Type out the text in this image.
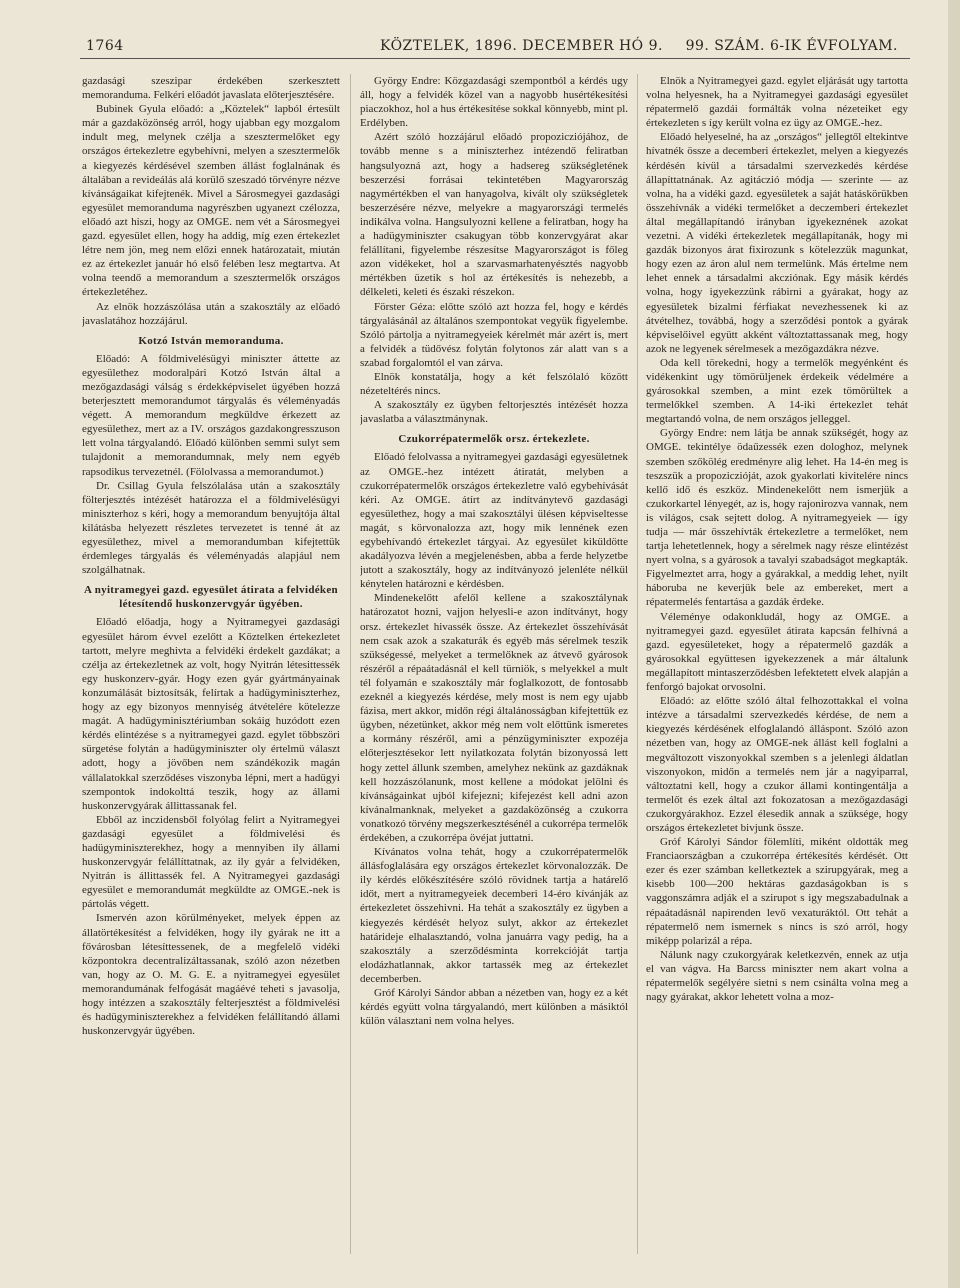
1764	KÖZTELEK, 1896. DECEMBER HÓ 9. 99. SZÁM. 6-IK ÉVFOLYAM.

gazdasági szeszipar érdekében szerkesztett memoranduma. Felkéri előadót javaslata előterjesztésére.

Bubinek Gyula előadó: a „Köztelek“ lapból értesült már a gazdaközönség arról, hogy ujabban egy mozgalom indult meg, melynek czélja a szesztermelőket egy országos értekezletre egybehívni, melyen a szesztermelők a kiegyezés kérdésével szemben állást foglalnának és általában a revideálás alá korülő szeszadó törvényre nézve kívánságaikat kifejtenék. Mivel a Sárosmegyei gazdasági egyesület memoranduma nagyrészben ugyanezt czélozza, előadó azt hiszi, hogy az OMGE. nem vét a Sárosmegyei gazd. egyesület ellen, hogy ha addig, míg ezen értekezlet létre nem jön, meg nem előzi ennek határozatait, miután ez az értekezlet január hó első felében lesz megtartva. At volna teendő a memorandum a szesztermelők országos értekezletéhez.

Az elnök hozzászólása után a szakosztály az előadó javaslatához hozzájárul.

Kotzó István memoranduma.

Előadó: A földmivelésügyi miniszter áttette az egyesülethez modoralpári Kotzó István által a mezőgazdasági válság s érdekképviselet ügyében hozzá beterjesztett memorandumot tárgyalás és véleményadás végett. A memorandum megküldve érkezett az egyesülethez, mert az a IV. országos gazdakongresszuson lett volna tárgyalandó. Előadó különben semmi sulyt sem tulajdonit a memorandumnak, mely nem egyéb rapsodikus tervezetnél. (Fölolvassa a memorandumot.)

Dr. Csillag Gyula felszólalása után a szakosztály fölterjesztés intézését határozza el a földmivelésügyi miniszterhoz s kéri, hogy a memorandum benyujtója által kilátásba helyezett részletes tervezetet is tenné át az egyesülethez, mivel a memorandumban kifejtettük érdemleges tárgyalás és véleményadás alapjául nem szolgálhatnak.

A nyitramegyei gazd. egyesület átirata a felvidéken létesítendő huskonzervgyár ügyében.

Előadó előadja, hogy a Nyitramegyei gazdasági egyesület három évvel ezelőtt a Köztelken értekezletet tartott, melyre meghivta a felvidéki érdekelt gazdákat; a czélja az értekezletnek az volt, hogy Nyitrán létesittessék egy huskonzerv-gyár. Hogy ezen gyár gyártmányainak konzumálását biztosítsák, felírtak a hadügyminiszterhez, hogy az egy bizonyos mennyiség átvételére kötelezze magát. A hadügyminisztériumban sokáig huzódott ezen kérdés elintézése s a nyitramegyei gazd. egylet többszöri sürgetése folytán a hadügyminiszter oly értelmü választ adott, hogy a jövőben nem szándékozik magán vállalatokkal szerződéses viszonyba lépni, mert a hadügyi szempontok indokolttá teszik, hogy az állami huskonzervgyárak állittassanak fel.

Ebből az inczidensből folyólag felirt a Nyitramegyei gazdasági egyesület a földmivelési és hadügyminiszterekhez, hogy a mennyiben ily állami huskonzervgyár felállíttatnak, az ily gyár a felvidéken, Nyitrán is állittassék fel. A Nyitramegyei gazdasági egyesület e memorandumát megküldte az OMGE.-nek is pártolás végett.

Ismervén azon körülményeket, melyek éppen az állatörtékesítést a felvidéken, hogy ily gyárak ne itt a fővárosban létesíttessenek, de a megfelelő vidéki központokra decentralizáltassanak, szóló azon nézetben van, hogy az O. M. G. E. a nyitramegyei egyesület memorandumának felfogását magáévé teheti s javasolja, hogy intézzen a szakosztály felterjesztést a földmivelési és hadügyminiszterekhez a felvidéken felállítandó állami huskonzervgyár ügyében.

György Endre: Közgazdasági szempontból a kérdés ugy áll, hogy a felvidék közel van a nagyobb husértékesítési piaczokhoz, hol a hus értékesítése sokkal könnyebb, mint pl. Erdélyben.

Azért szóló hozzájárul előadó propozicziójához, de tovább menne s a miniszterhez intézendő feliratban hangsulyozná azt, hogy a hadsereg szükségletének beszerzési forrásai tekintetében Magyarország nagymértékben el van hanyagolva, kivált oly szükségletek beszerzésére nézve, melyekre a magyarországi termelés indikálva volna. Hangsulyozni kellene a feliratban, hogy ha a hadügyminiszter csakugyan több konzervgyárat akar felállítani, figyelembe részesítse Magyarországot is főleg azon vidékeket, hol a szarvasmarhatenyésztés nagyobb mértékben üzetik s hol az értékesítés is nehezebb, a délkeleti, keleti és északi részekon.

Förster Géza: előtte szóló azt hozza fel, hogy e kérdés tárgyalásánál az általános szempontokat vegyük figyelembe. Szóló pártolja a nyitramegyeiek kérelmét már azért is, mert a felvidék a tüdővész folytán folytonos zár alatt van s a szabad forgalomtól el van zárva.

Elnök konstatálja, hogy a két felszólaló között nézeteltérés nincs.

A szakosztály ez ügyben feltorjesztés intézését hozza javaslatba a választmánynak.

Czukorrépatermelők orsz. értekezlete.

Előadó felolvassa a nyitramegyei gazdasági egyesületnek az OMGE.-hez intézett átiratát, melyben a czukorrépatermelők országos értekezletre való egybehívását kéri. Az OMGE. átírt az indítványtevő gazdasági egyesülethez, hogy a mai szakosztályi ülésen képviseltesse magát, s körvonalozza azt, hogy mik lennének ezen egybehívandó értekezlet tárgyai. Az egyesület kiküldötte akadályozva lévén a megjelenésben, abba a ferde helyzetbe jutott a szakosztály, hogy az indítványozó jelenléte nélkül kénytelen határozni e kérdésben.

Mindenekelőtt afelől kellene a szakosztálynak határozatot hozni, vajjon helyesli-e azon indítványt, hogy orsz. értekezlet hivassék össze. Az értekezlet összehívását nem csak azok a szakaturák és egyéb más sérelmek teszik szükségessé, melyeket a termelőknek az átvevő gyárosok részéről a répaátadásnál el kell türniök, s melyekkel a mult tél folyamán e szakosztály már foglalkozott, de fontosabb ezeknél a kiegyezés kérdése, mely most is nem egy ujabb fázisa, mert akkor, midőn régi általánosságban kifejtettük ez ügyben, nézetünket, akkor még nem volt előttünk ismeretes a kormány részéről, ami a pénzügyminiszter expozéja előterjesztésekor lett nyilatkozata folytán bizonyossá lett hogy zettel állunk szemben, amelyhez nekünk az gazdáknak kell hozzászólanunk, most kellene a módokat jelölni és kívánságainkat ujból kifejezni; kifejezést kell adni azon kívánalmanknak, melyeket a gazdaközönség a czukorra vonatkozó törvény megszerkesztésénél a cukorrépa termelők érdekében, a czukorrépa övéjat juttatni.

Kívánatos volna tehát, hogy a czukorrépatermelők állásfoglalására egy országos értekezlet körvonalozzák. De ily kérdés előkészítésére szóló rövidnek tartja a határelő időt, mert a nyitramegyeiek decemberi 14-éro kívánják az értekezletet összehivni. Ha tehát a szakosztály ez ügyben a kiegyezés kérdését helyoz sulyt, akkor az értekezlet határideje elhalasztandó, volna januárra vagy pedig, ha a szakosztály a szerződésminta korrekcióját tartja elodázhatlannak, akkor tartassék meg az értekezlet decemberben.

Gróf Károlyi Sándor abban a nézetben van, hogy ez a két kérdés együtt volna tárgyalandó, mert különben a másiktól külön választani nem volna helyes.

Elnök a Nyitramegyei gazd. egylet eljárását ugy tartotta volna helyesnek, ha a Nyitramegyei gazdasági egyesület répatermelő gazdái formálták volna nézeteiket egy értekezleten s így került volna ez ügy az OMGE.-hez.

Előadó helyeselné, ha az „országos“ jellegtől eltekintve hívatnék össze a decemberi értekezlet, melyen a kiegyezés kérdésén kívül a társadalmi szervezkedés kérdése állapíttatnának. Az agitáczió módja — szerinte — az volna, ha a vidéki gazd. egyesületek a saját hatáskörükben összehívnák a vidéki termelőket a deczemberi értekezlet által megállapítandó irányban igyekeznének azokat vezetni. A vidéki értekezletek megállapítanák, hogy mi gazdák bizonyos árat fixirozunk s kötelezzük magunkat, hogy ezen az áron alul nem termelünk. Más értelme nem lehet ennek a társadalmi akcziónak. Egy másik kérdés volna, hogy igyekezzünk rábirni a gyárakat, hogy az egyesületek bizalmi férfiakat nevezhessenek ki az átvételhez, továbbá, hogy a szerződési pontok a gyárak képviselőivel együtt akként változtattassanak meg, hogy azok ne legyenek sérelmesek a mezőgazdákra nézve.

Oda kell törekedni, hogy a termelők megyénként és vidékenkint ugy tömörüljenek érdekeik védelmére a gyárosokkal szemben, a mint ezek tömörültek a termelőkkel szemben. A 14-iki értekezlet tehát megtartandó volna, de nem országos jelleggel.

György Endre: nem látja be annak szükségét, hogy az OMGE. tekintélye ödaűzessék ezen dologhoz, melynek szemben szőkölég eredményre alig lehet. Ha 14-én meg is teszszük a propoziczióját, azok gyakorlati kivitelére nincs kellő idő és eszköz. Mindenekelőtt nem ismerjük a czukorkartel lényegét, az is, hogy rajonirozva vannak, nem is világos, csak sejtett dolog. A nyitramegyeiek — így tudja — már összehívták értekezletre a termelőket, nem tartja lehetetlennek, hogy a sérelmek nagy része elintézést nyert volna, s a gyárosok a tavalyi szabadságot megkapták. Figyelmeztet arra, hogy a gyárakkal, a meddig lehet, nyilt háboruba ne keverjük bele az embereket, mert a répatermelés fentartása a gazdák érdeke.

Véleménye odakonkludál, hogy az OMGE. a nyitramegyei gazd. egyesület átirata kapcsán felhívná a gazd. egyesületeket, hogy a répatermelő gazdák a gyárosokkal együttesen igyekezzenek a már általunk megállapított mintaszerződésben lefektetett elvek alapján a fenforgó bajokat orvosolni.

Előadó: az előtte szóló által felhozottakkal el volna intézve a társadalmi szervezkedés kérdése, de nem a kiegyezés kérdésének elfoglalandó álláspont. Szóló azon nézetben van, hogy az OMGE-nek állást kell foglalni a megváltozott viszonyokkal szemben s a jelenlegi áldatlan viszonyokon, midőn a termelés nem jár a nagyiparral, változtatni kell, hogy a czukor állami kontingentálja a termelőt és ezek által azt fokozatosan a mezőgazdasági czukorgyárakhoz. Ezzel élesedik annak a szüksége, hogy országos értekezletet bivjunk össze.

Gróf Károlyi Sándor fölemlíti, miként oldották meg Franciaországban a czukorrépa értékesítés kérdését. Ott ezer és ezer számban kelletkeztek a szirupgyárak, meg a kisebb 100—200 hektáras gazdaságokban is s vaggonszámra adják el a szirupot s igy megszabadulnak a répaátadásnál napirenden levő vexaturáktól. Ott tehát a répatermelő nem ismernek s nincs is szó arról, hogy miképp polarizál a répa.

Nálunk nagy czukorgyárak keletkezvén, ennek az utja el van vágva. Ha Barcss miniszter nem akart volna a répatermelők segélyére sietni s nem csinálta volna meg a nagy gyárakat, akkor lehetett volna a moz-
